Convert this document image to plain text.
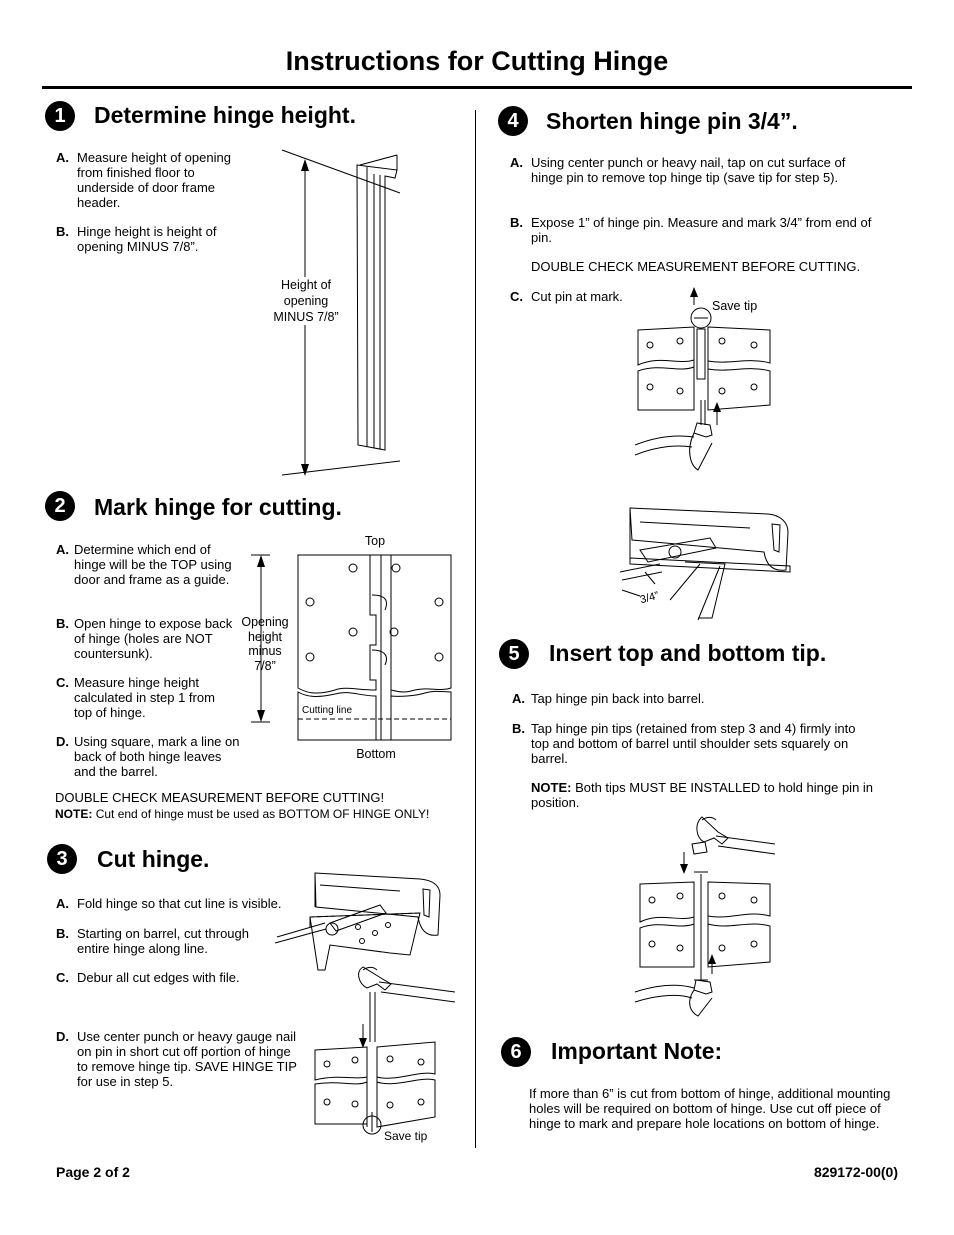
Instructions for Cutting Hinge
1	Determine hinge height.
A. Measure height of opening from finished floor to underside of door frame header.
B. Hinge height is height of opening MINUS 7/8”.
Height of opening MINUS 7/8”
2	Mark hinge for cutting.
A. Determine which end of hinge will be the TOP using door and frame as a guide.
B. Open hinge to expose back of hinge (holes are NOT countersunk).
C. Measure hinge height calculated in step 1 from top of hinge.
D. Using square, mark a line on back of both hinge leaves and the barrel.
DOUBLE CHECK MEASUREMENT BEFORE CUTTING!
NOTE: Cut end of hinge must be used as BOTTOM OF HINGE ONLY!
Top
Opening height minus 7/8”
Bottom
Cutting line
3	Cut hinge.
A. Fold hinge so that cut line is visible.
B. Starting on barrel, cut through entire hinge along line.
C. Debur all cut edges with file.
D. Use center punch or heavy gauge nail on pin in short cut off portion of hinge to remove hinge tip. SAVE HINGE TIP for use in step 5.
Save tip
4	Shorten hinge pin 3/4”.
A. Using center punch or heavy nail, tap on cut surface of hinge pin to remove top hinge tip (save tip for step 5).
B. Expose 1” of hinge pin. Measure and mark 3/4” from end of pin.
DOUBLE CHECK MEASUREMENT BEFORE CUTTING.
C. Cut pin at mark.
Save tip
3/4”
5	Insert top and bottom tip.
A. Tap hinge pin back into barrel.
B. Tap hinge pin tips (retained from step 3 and 4) firmly into top and bottom of barrel until shoulder sets squarely on barrel.
NOTE: Both tips MUST BE INSTALLED to hold hinge pin in position.
6	Important Note:
If more than 6” is cut from bottom of hinge, additional mounting holes will be required on bottom of hinge. Use cut off piece of hinge to mark and prepare hole locations on bottom of hinge.
Page 2 of 2	829172-00(0)
